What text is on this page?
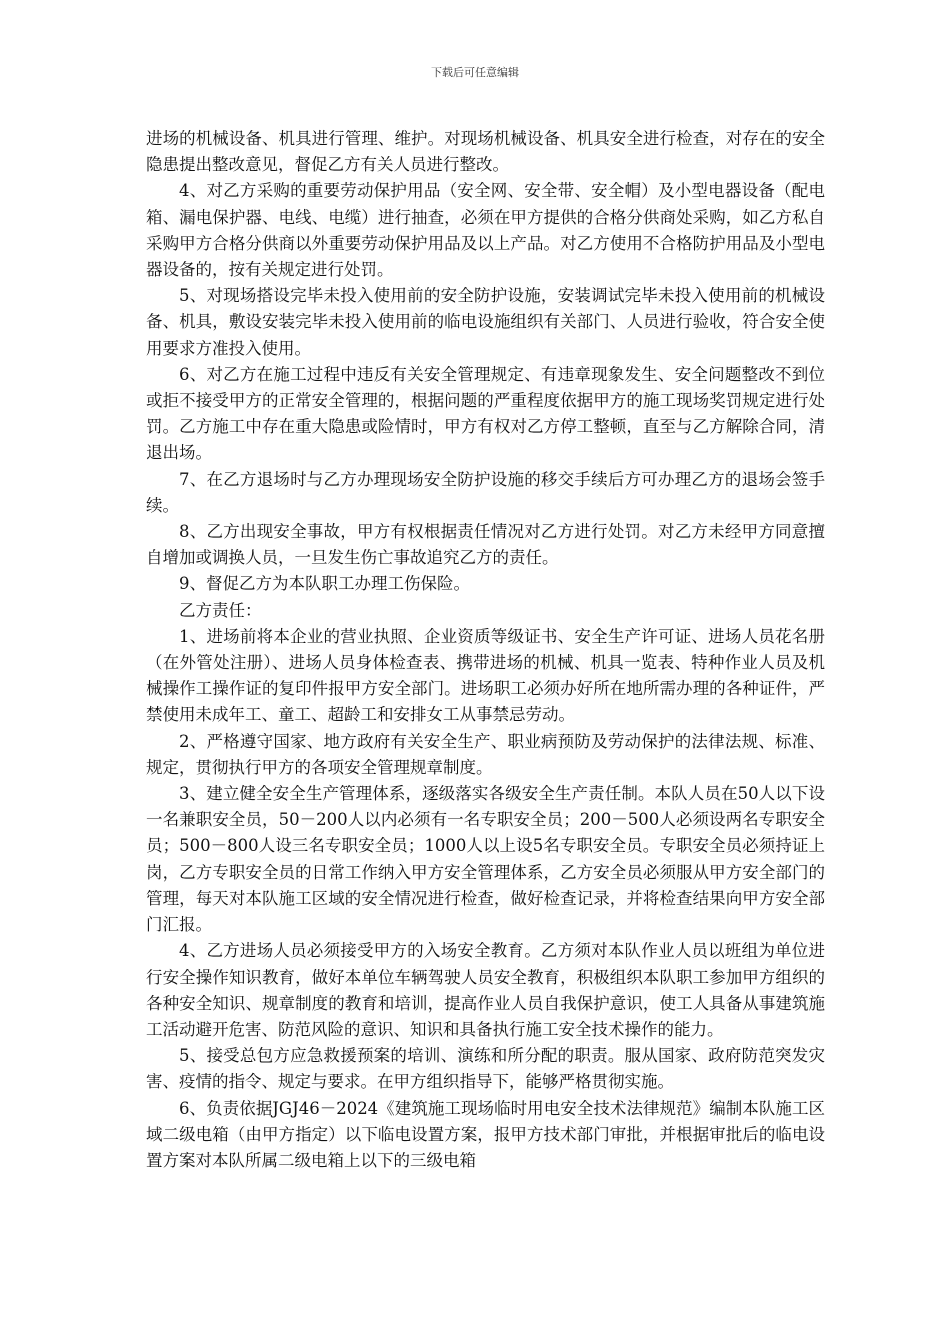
下载后可任意编辑

进场的机械设备、机具进行管理、维护。对现场机械设备、机具安全进行检查，对存在的安全隐患提出整改意见，督促乙方有关人员进行整改。

4、对乙方采购的重要劳动保护用品（安全网、安全带、安全帽）及小型电器设备（配电箱、漏电保护器、电线、电缆）进行抽查，必须在甲方提供的合格分供商处采购，如乙方私自采购甲方合格分供商以外重要劳动保护用品及以上产品。对乙方使用不合格防护用品及小型电器设备的，按有关规定进行处罚。

5、对现场搭设完毕未投入使用前的安全防护设施，安装调试完毕未投入使用前的机械设备、机具，敷设安装完毕未投入使用前的临电设施组织有关部门、人员进行验收，符合安全使用要求方准投入使用。

6、对乙方在施工过程中违反有关安全管理规定、有违章现象发生、安全问题整改不到位或拒不接受甲方的正常安全管理的，根据问题的严重程度依据甲方的施工现场奖罚规定进行处罚。乙方施工中存在重大隐患或险情时，甲方有权对乙方停工整顿，直至与乙方解除合同，清退出场。

7、在乙方退场时与乙方办理现场安全防护设施的移交手续后方可办理乙方的退场会签手续。

8、乙方出现安全事故，甲方有权根据责任情况对乙方进行处罚。对乙方未经甲方同意擅自增加或调换人员，一旦发生伤亡事故追究乙方的责任。

9、督促乙方为本队职工办理工伤保险。

乙方责任：

1、进场前将本企业的营业执照、企业资质等级证书、安全生产许可证、进场人员花名册（在外管处注册）、进场人员身体检查表、携带进场的机械、机具一览表、特种作业人员及机械操作工操作证的复印件报甲方安全部门。进场职工必须办好所在地所需办理的各种证件，严禁使用未成年工、童工、超龄工和安排女工从事禁忌劳动。

2、严格遵守国家、地方政府有关安全生产、职业病预防及劳动保护的法律法规、标准、规定，贯彻执行甲方的各项安全管理规章制度。

3、建立健全安全生产管理体系，逐级落实各级安全生产责任制。本队人员在50人以下设一名兼职安全员，50－200人以内必须有一名专职安全员；200－500人必须设两名专职安全员；500－800人设三名专职安全员；1000人以上设5名专职安全员。专职安全员必须持证上岗，乙方专职安全员的日常工作纳入甲方安全管理体系，乙方安全员必须服从甲方安全部门的管理，每天对本队施工区域的安全情况进行检查，做好检查记录，并将检查结果向甲方安全部门汇报。

4、乙方进场人员必须接受甲方的入场安全教育。乙方须对本队作业人员以班组为单位进行安全操作知识教育，做好本单位车辆驾驶人员安全教育，积极组织本队职工参加甲方组织的各种安全知识、规章制度的教育和培训，提高作业人员自我保护意识，使工人具备从事建筑施工活动避开危害、防范风险的意识、知识和具备执行施工安全技术操作的能力。

5、接受总包方应急救援预案的培训、演练和所分配的职责。服从国家、政府防范突发灾害、疫情的指令、规定与要求。在甲方组织指导下，能够严格贯彻实施。

6、负责依据JGJ46－2024《建筑施工现场临时用电安全技术法律规范》编制本队施工区域二级电箱（由甲方指定）以下临电设置方案，报甲方技术部门审批，并根据审批后的临电设置方案对本队所属二级电箱上以下的三级电箱
